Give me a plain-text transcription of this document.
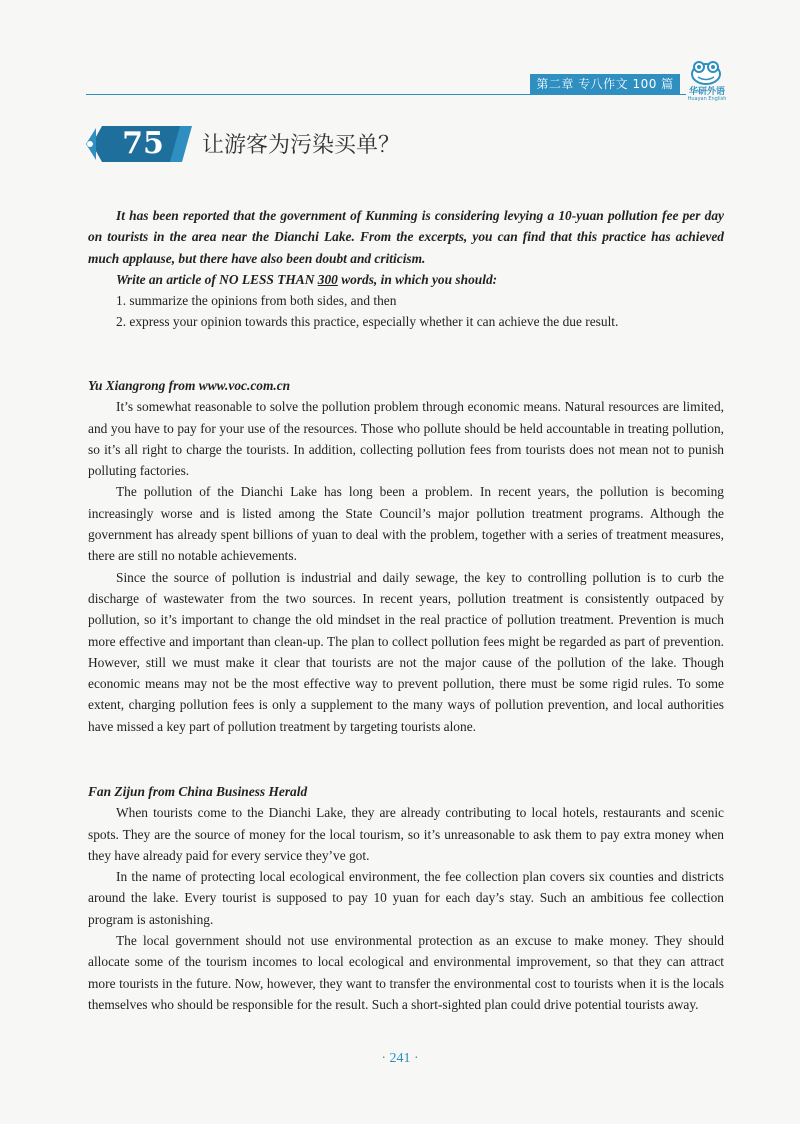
第二章 专八作文 100 篇
华研外语
Huayan English
75	让游客为污染买单？

It has been reported that the government of Kunming is considering levying a 10-yuan pollution fee per day on tourists in the area near the Dianchi Lake. From the excerpts, you can find that this practice has achieved much applause, but there have also been doubt and criticism.

Write an article of NO LESS THAN 300 words, in which you should:

1. summarize the opinions from both sides, and then

2. express your opinion towards this practice, especially whether it can achieve the due result.

Yu Xiangrong from www.voc.com.cn

It’s somewhat reasonable to solve the pollution problem through economic means. Natural resources are limited, and you have to pay for your use of the resources. Those who pollute should be held accountable in treating pollution, so it’s all right to charge the tourists. In addition, collecting pollution fees from tourists does not mean not to punish polluting factories.

The pollution of the Dianchi Lake has long been a problem. In recent years, the pollution is becoming increasingly worse and is listed among the State Council’s major pollution treatment programs. Although the government has already spent billions of yuan to deal with the problem, together with a series of treatment measures, there are still no notable achievements.

Since the source of pollution is industrial and daily sewage, the key to controlling pollution is to curb the discharge of wastewater from the two sources. In recent years, pollution treatment is consistently outpaced by pollution, so it’s important to change the old mindset in the real practice of pollution treatment. Prevention is much more effective and important than clean-up. The plan to collect pollution fees might be regarded as part of prevention. However, still we must make it clear that tourists are not the major cause of the pollution of the lake. Though economic means may not be the most effective way to prevent pollution, there must be some rigid rules. To some extent, charging pollution fees is only a supplement to the many ways of pollution prevention, and local authorities have missed a key part of pollution treatment by targeting tourists alone.

Fan Zijun from China Business Herald

When tourists come to the Dianchi Lake, they are already contributing to local hotels, restaurants and scenic spots. They are the source of money for the local tourism, so it’s unreasonable to ask them to pay extra money when they have already paid for every service they’ve got.

In the name of protecting local ecological environment, the fee collection plan covers six counties and districts around the lake. Every tourist is supposed to pay 10 yuan for each day’s stay. Such an ambitious fee collection program is astonishing.

The local government should not use environmental protection as an excuse to make money. They should allocate some of the tourism incomes to local ecological and environmental improvement, so that they can attract more tourists in the future. Now, however, they want to transfer the environmental cost to tourists when it is the locals themselves who should be responsible for the result. Such a short-sighted plan could drive potential tourists away.

· 241 ·
